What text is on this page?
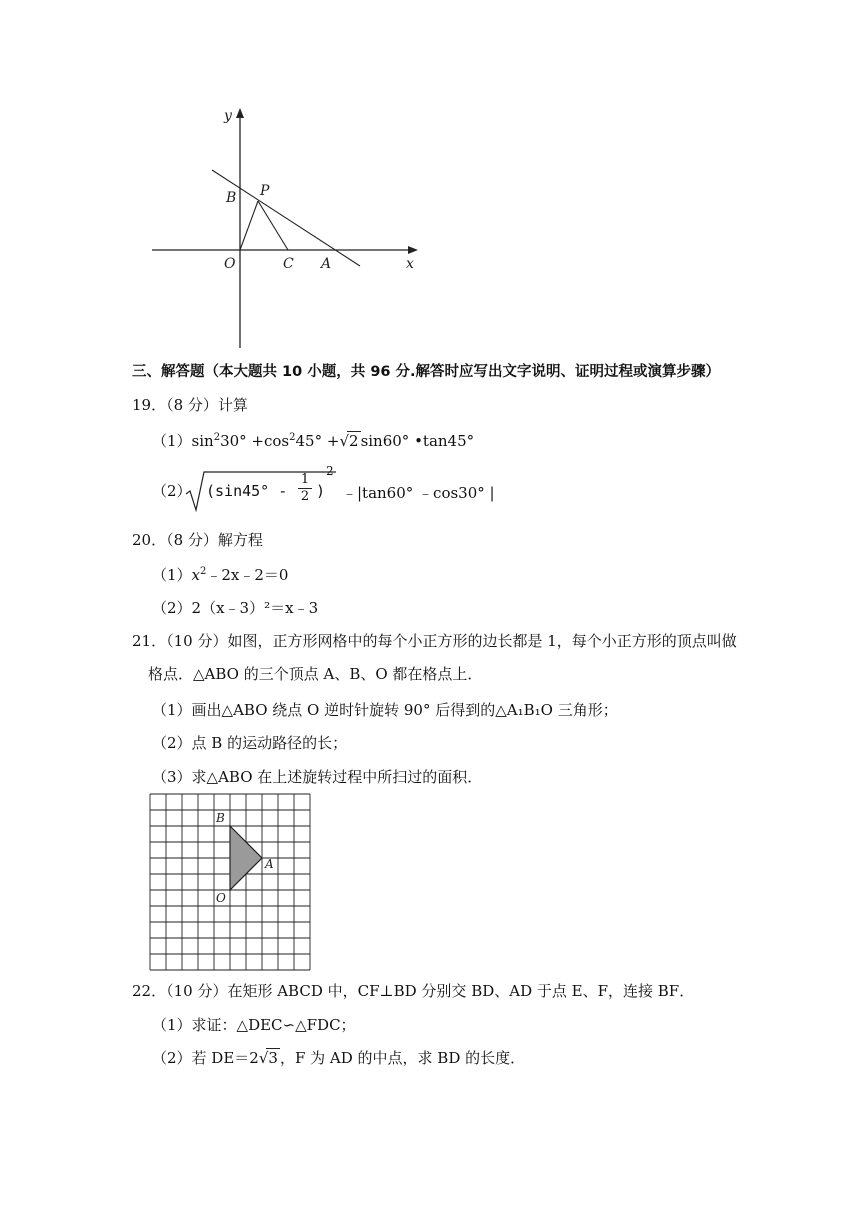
y
x
B P
O	C A
三、解答题（本大题共 10 小题，共 96 分.解答时应写出文字说明、证明过程或演算步骤）
19．（8 分）计算
$(1)\sin^230^\circ +\cos^245^\circ +√2$ sin60° •tan45°
（2） ($\sin 45^\circ - \frac{1}{2}$ )
2
﹣|tan60° ﹣cos30° |
20．（8 分）解方程
$(1)x^2﹣2x﹣2=0$
（2）2（x﹣3）²＝x﹣3
21．（10 分）如图，正方形网格中的每个小正方形的边长都是 1，每个小正方形的顶点叫做
格点．△ABO 的三个顶点 A、B、O 都在格点上．
（1）画出△ABO 绕点 O 逆时针旋转 90° 后得到的△A₁B₁O 三角形；
（2）点 B 的运动路径的长；
（3）求△ABO 在上述旋转过程中所扫过的面积．
B
A
O
22．（10 分）在矩形 ABCD 中，CF⊥BD 分别交 BD、AD 于点 E、F，连接 BF．
（1）求证：△DEC∽△FDC；
（2）若 DE＝2√3 ，F 为 AD 的中点，求 BD 的长度．
